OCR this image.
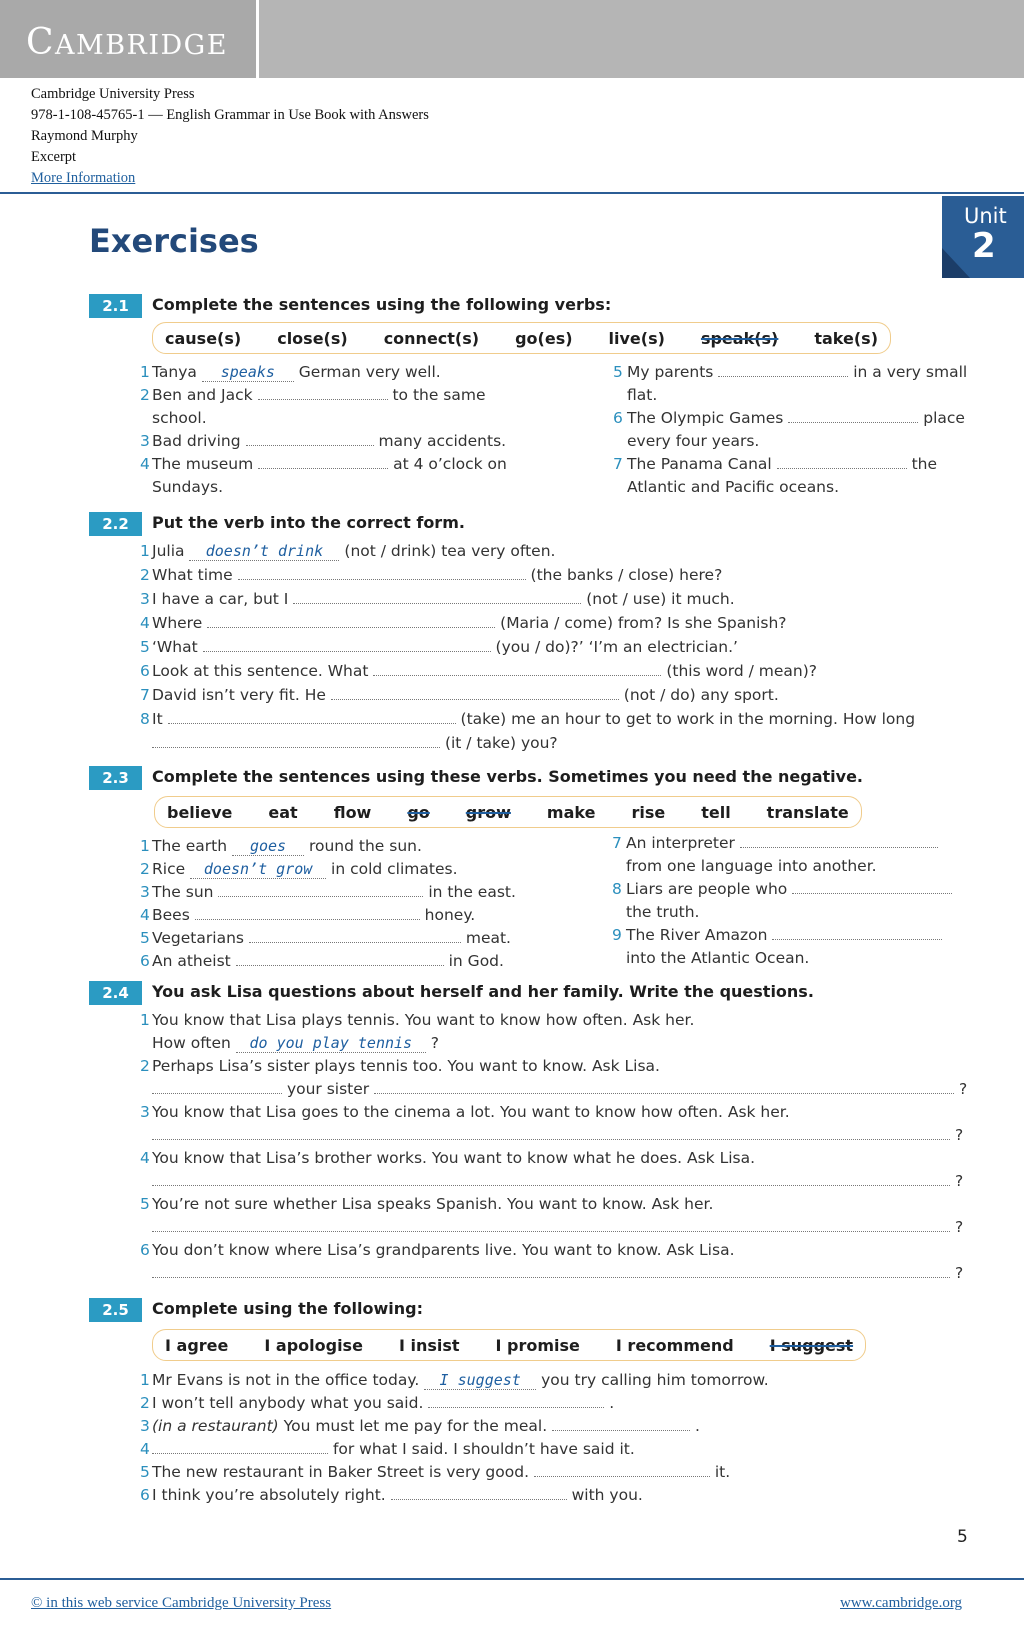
CAMBRIDGE
Cambridge University Press
978-1-108-45765-1 — English Grammar in Use Book with Answers
Raymond Murphy
Excerpt
More Information
Exercises
Unit
2
2.1	Complete the sentences using the following verbs:
cause(s) close(s) connect(s) go(es) live(s) speak(s) take(s)
1 Tanya speaks German very well.
2 Ben and Jack	to the same
school.
3 Bad driving	many accidents.
4 The museum	at 4 o’clock on
Sundays.
5 My parents	in a very small
flat.
6 The Olympic Games	place
every four years.
7 The Panama Canal	the
Atlantic and Pacific oceans.
2.2	Put the verb into the correct form.
1 Julia doesn’t drink (not / drink) tea very often.
2 What time	(the banks / close) here?
3 I have a car, but I	(not / use) it much.
4 Where	(Maria / come) from? Is she Spanish?
5 ‘What	(you / do)?’ ‘I’m an electrician.’
6 Look at this sentence. What	(this word / mean)?
7 David isn’t very fit. He	(not / do) any sport.
8 It	(take) me an hour to get to work in the morning. How long
(it / take) you?
2.3	Complete the sentences using these verbs. Sometimes you need the negative.
believe eat flow go grow make rise tell translate
1 The earth goes round the sun.
2 Rice doesn’t grow in cold climates.
3 The sun	in the east.
4 Bees	honey.
5 Vegetarians	meat.
6 An atheist	in God.
7 An interpreter
from one language into another.
8 Liars are people who
the truth.
9 The River Amazon
into the Atlantic Ocean.
2.4	You ask Lisa questions about herself and her family. Write the questions.
1 You know that Lisa plays tennis. You want to know how often. Ask her.
How often do you play tennis ?
2 Perhaps Lisa’s sister plays tennis too. You want to know. Ask Lisa.
your sister	?
3 You know that Lisa goes to the cinema a lot. You want to know how often. Ask her.
?
4 You know that Lisa’s brother works. You want to know what he does. Ask Lisa.
?
5 You’re not sure whether Lisa speaks Spanish. You want to know. Ask her.
?
6 You don’t know where Lisa’s grandparents live. You want to know. Ask Lisa.
?
2.5	Complete using the following:
I agree I apologise I insist I promise I recommend I suggest
1 Mr Evans is not in the office today. I suggest you try calling him tomorrow.
2 I won’t tell anybody what you said.	.
3 (in a restaurant) You must let me pay for the meal.	.
4	for what I said. I shouldn’t have said it.
5 The new restaurant in Baker Street is very good.	it.
6 I think you’re absolutely right.	with you.
5
© in this web service Cambridge University Press	www.cambridge.org
